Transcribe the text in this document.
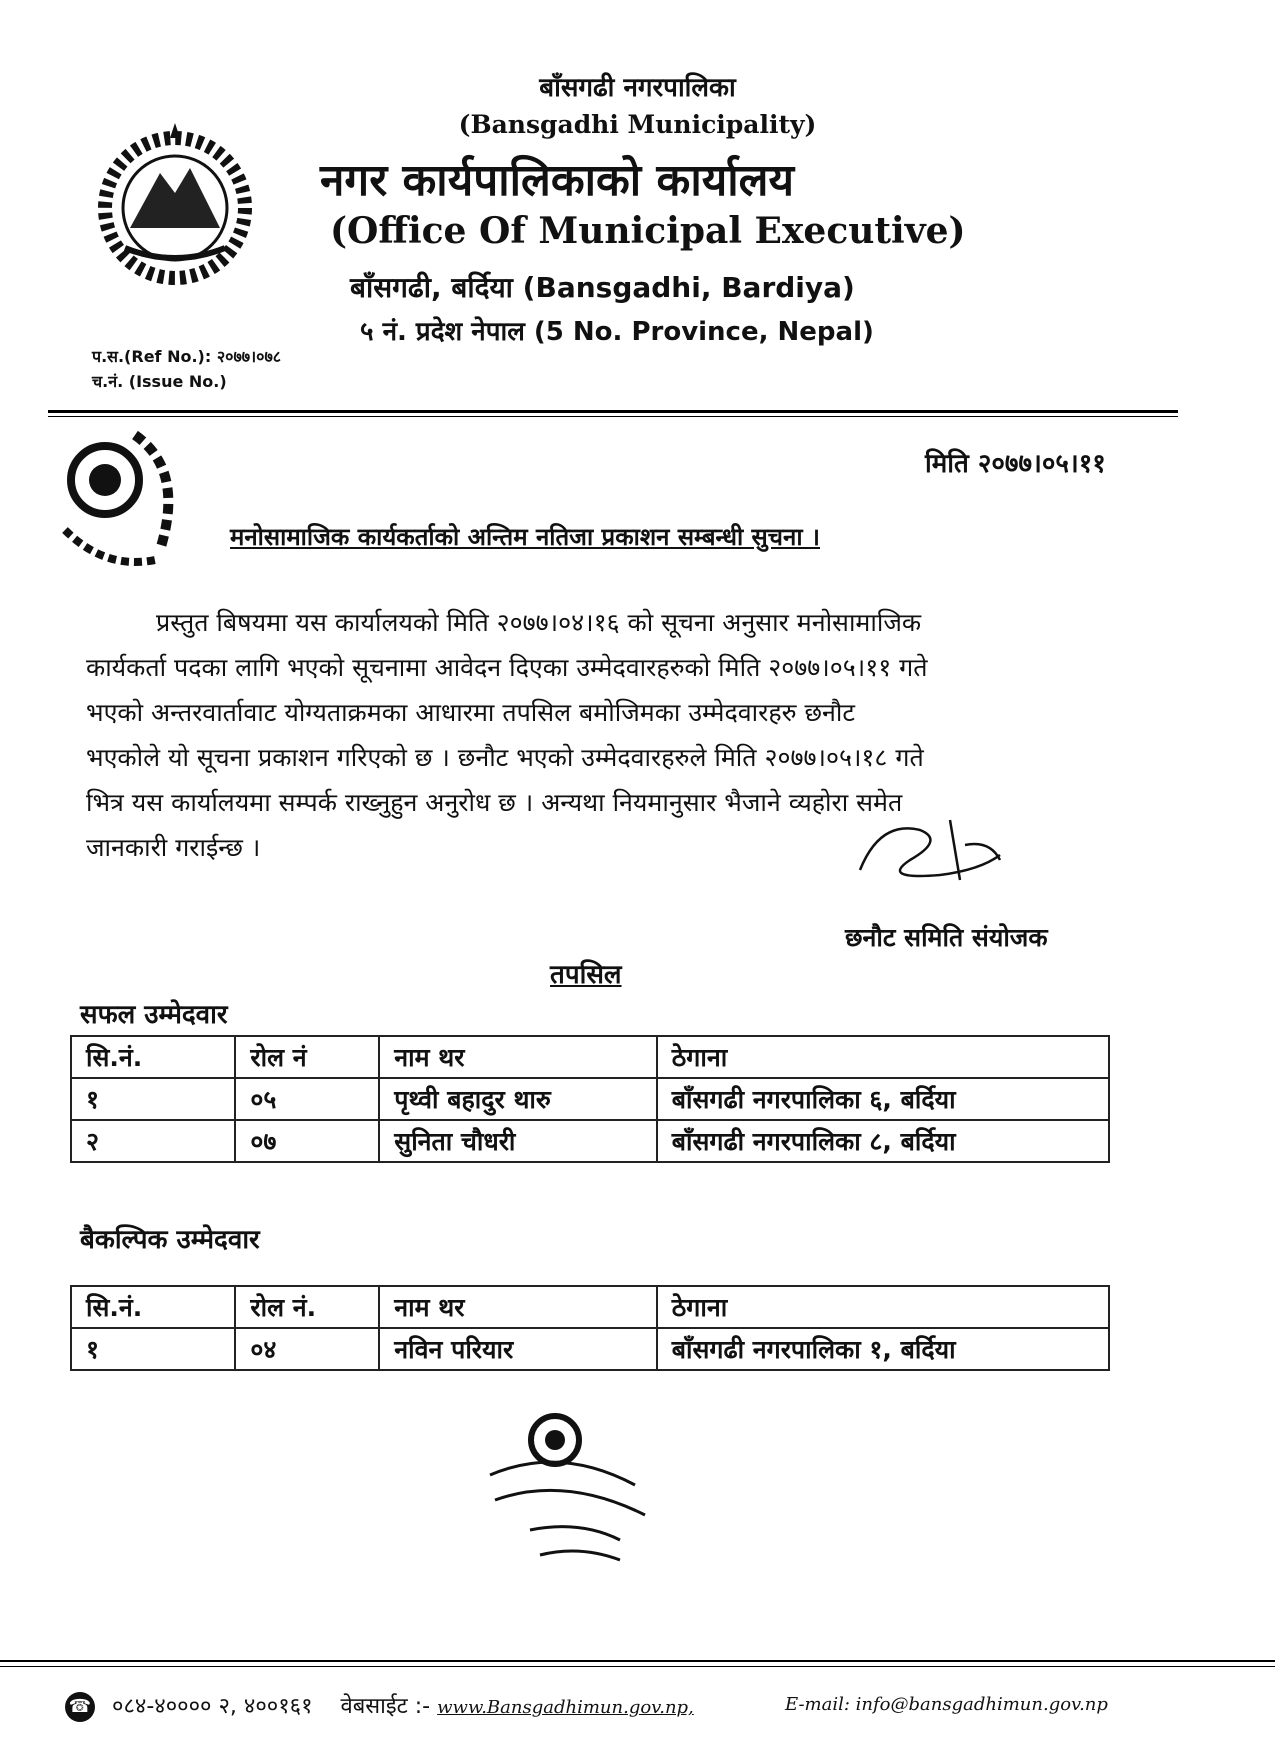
बाँसगढी नगरपालिका
(Bansgadhi Municipality)
नगर कार्यपालिकाको कार्यालय
(Office Of Municipal Executive)
बाँसगढी, बर्दिया (Bansgadhi, Bardiya)
५ नं. प्रदेश नेपाल (5 No. Province, Nepal)
प.स.(Ref No.): २०७७।०७८
च.नं. (Issue No.)
मिति २०७७।०५।११
मनोसामाजिक कार्यकर्ताको अन्तिम नतिजा प्रकाशन सम्बन्धी सुचना ।
प्रस्तुत बिषयमा यस कार्यालयको मिति २०७७।०४।१६ को सूचना अनुसार मनोसामाजिक
कार्यकर्ता पदका लागि भएको सूचनामा आवेदन दिएका उम्मेदवारहरुको मिति २०७७।०५।११ गते
भएको अन्तरवार्तावाट योग्यताक्रमका आधारमा तपसिल बमोजिमका उम्मेदवारहरु छनौट
भएकोले यो सूचना प्रकाशन गरिएको छ । छनौट भएको उम्मेदवारहरुले मिति २०७७।०५।१८ गते
भित्र यस कार्यालयमा सम्पर्क राख्नुहुन अनुरोध छ । अन्यथा नियमानुसार भैजाने व्यहोरा समेत
जानकारी गराईन्छ ।
छनौट समिति संयोजक
तपसिल
सफल उम्मेदवार
सि.नं.	रोल नं	नाम थर	ठेगाना
१	०५	पृथ्वी बहादुर थारु	बाँसगढी नगरपालिका ६, बर्दिया
२	०७	सुनिता चौधरी	बाँसगढी नगरपालिका ८, बर्दिया
बैकल्पिक उम्मेदवार
सि.नं.	रोल नं.	नाम थर	ठेगाना
१	०४	नविन परियार	बाँसगढी नगरपालिका १, बर्दिया
☎ ०८४-४०००० २, ४००१६१ वेबसाईट :- www.Bansgadhimun.gov.np,	E-mail: info@bansgadhimun.gov.np
